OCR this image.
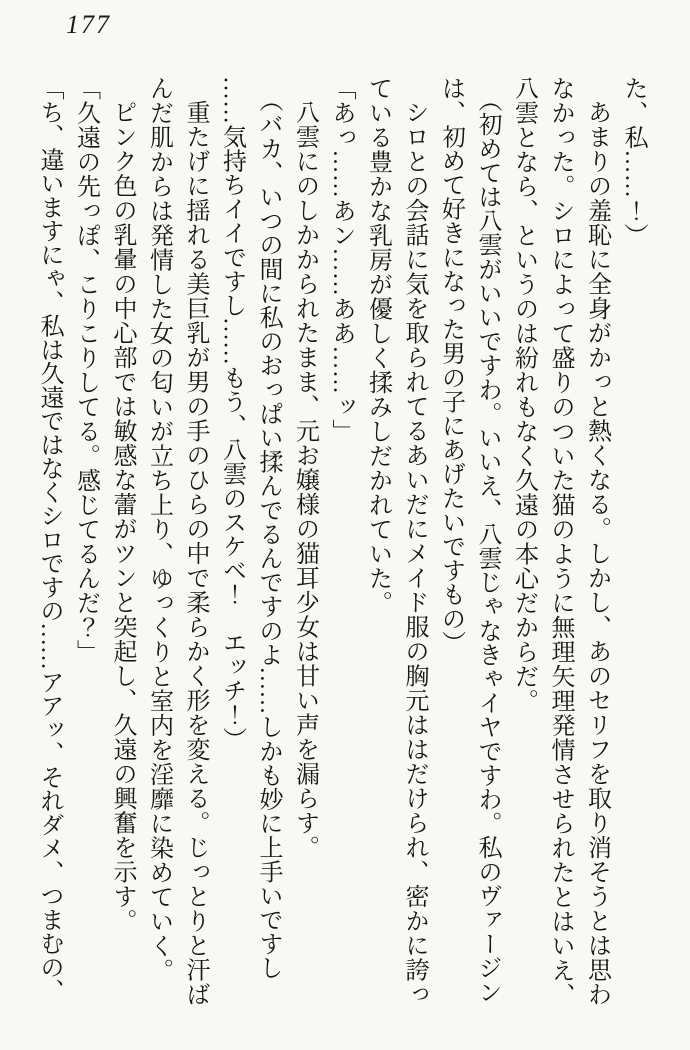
177

た、私……！）

あまりの羞恥に全身がかっと熱くなる。しかし、あのセリフを取り消そうとは思わなかった。シロによって盛りのついた猫のように無理矢理発情させられたとはいえ、八雲となら、というのは紛れもなく久遠の本心だからだ。

（初めては八雲がいいですわ。いいえ、八雲じゃなきゃイヤですわ。私のヴァージンは、初めて好きになった男の子にあげたいですもの）

シロとの会話に気を取られてるあいだにメイド服の胸元ははだけられ、密かに誇っている豊かな乳房が優しく揉みしだかれていた。

「あっ……あン……ああ……ッ」

八雲にのしかかられたまま、元お嬢様の猫耳少女は甘い声を漏らす。

（バカ、いつの間に私のおっぱい揉んでるんですのよ……しかも妙に上手いですし​……気持ちイイですし……もう、八雲のスケベ！　エッチ！）

重たげに揺れる美巨乳が男の手のひらの中で柔らかく形を変える。じっとりと汗ばんだ肌からは発情した女の匂いが立ち上り、ゆっくりと室内を淫靡に染めていく。

ピンク色の乳暈の中心部では敏感な蕾がツンと突起し、久遠の興奮を示す。

「久遠の先っぽ、こりこりしてる。感じてるんだ？」

「ち、違いますにゃ、私は久遠ではなくシロですの……アアッ、それダメ、つまむの、
